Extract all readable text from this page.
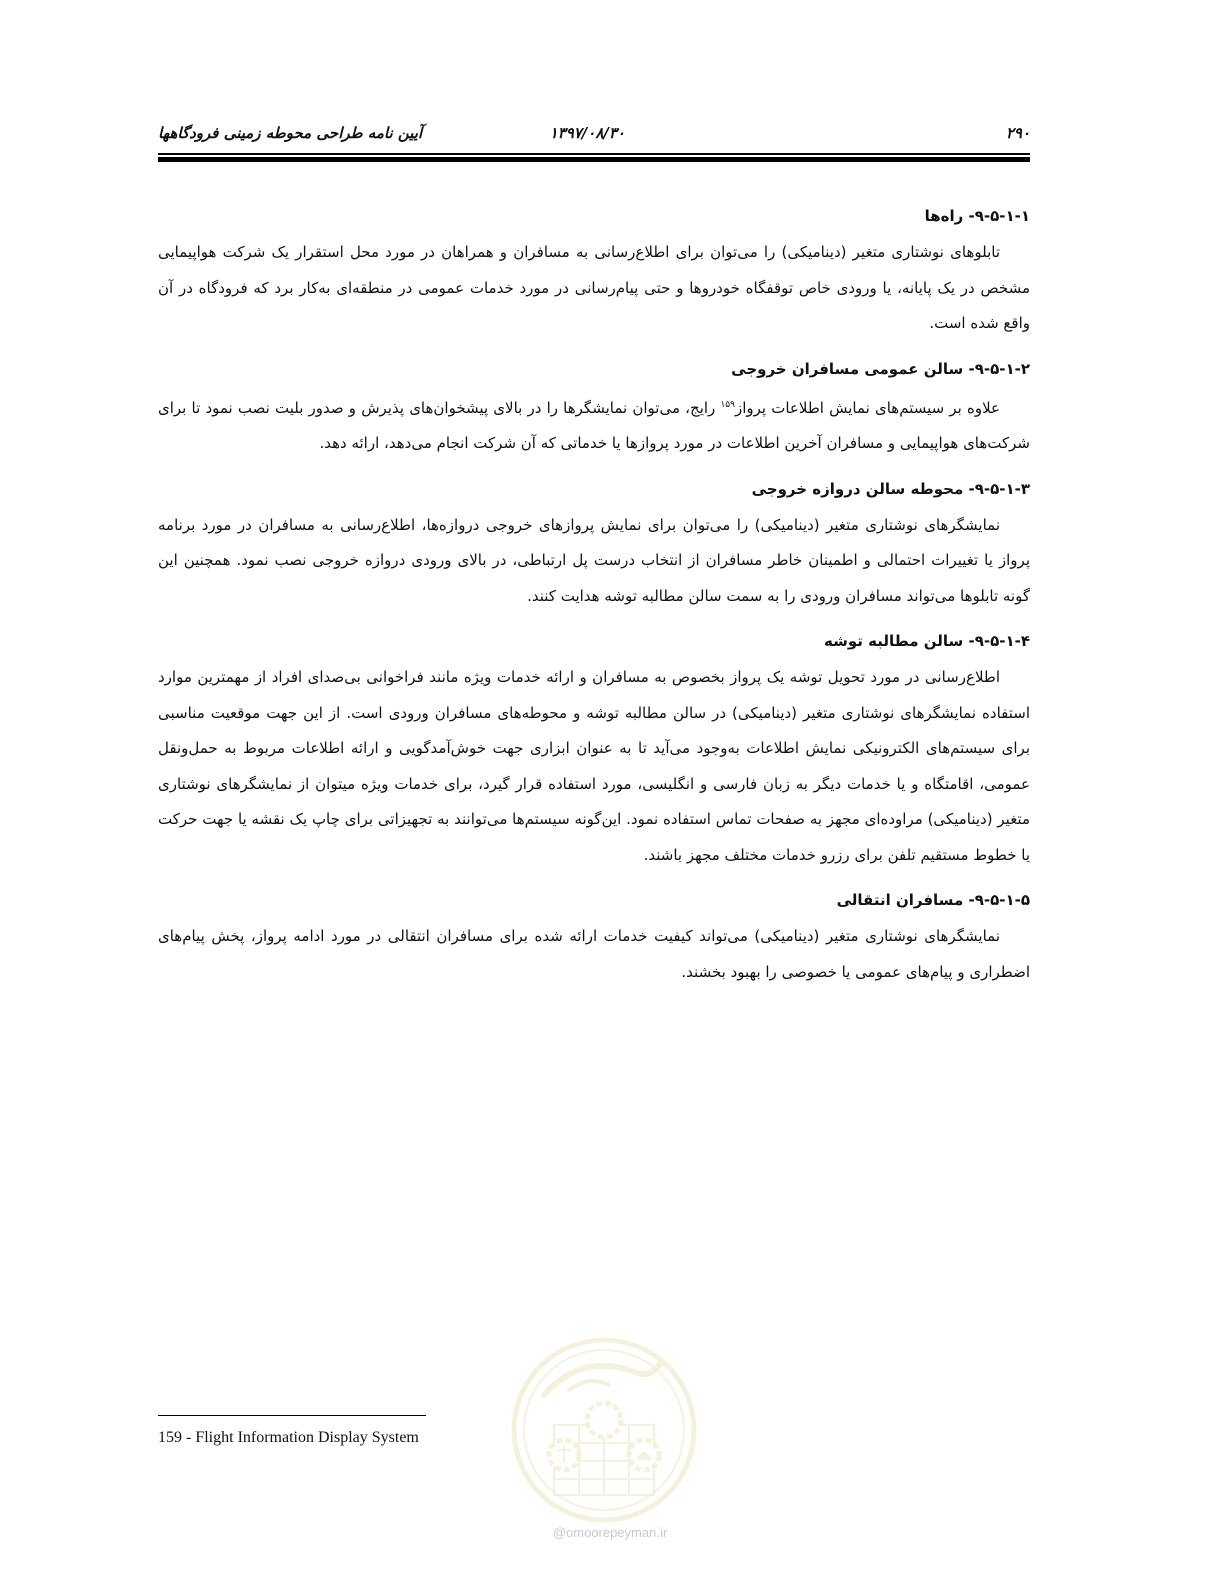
۲۹۰
۱۳۹۷/۰۸/۳۰
آیین نامه طراحی محوطه زمینی فرودگاهها
۹-۵-۱-۱- راه‌ها

تابلوهای نوشتاری متغیر (دینامیکی) را می‌توان برای اطلاع‌رسانی به مسافران و همراهان در مورد محل استقرار یک شرکت هواپیمایی مشخص در یک پایانه، یا ورودی خاص توقفگاه خودروها و حتی پیام‌رسانی در مورد خدمات عمومی در منطقه‌ای به‌کار برد که فرودگاه در آن واقع شده است.

۹-۵-۱-۲- سالن عمومی مسافران خروجی

علاوه بر سیستم‌های نمایش اطلاعات پرواز$^{۱۵۹}$ رایج، می‌توان نمایشگرها را در بالای پیشخوان‌های پذیرش و صدور بلیت نصب نمود تا برای شرکت‌های هواپیمایی و مسافران آخرین اطلاعات در مورد پروازها یا خدماتی که آن شرکت انجام می‌دهد، ارائه دهد.

۹-۵-۱-۳- محوطه سالن دروازه خروجی

نمایشگرهای نوشتاری متغیر (دینامیکی) را می‌توان برای نمایش پروازهای خروجی دروازه‌ها، اطلاع‌رسانی به مسافران در مورد برنامه پرواز یا تغییرات احتمالی و اطمینان خاطر مسافران از انتخاب درست پل ارتباطی، در بالای ورودی دروازه خروجی نصب نمود. همچنین این گونه تابلوها می‌تواند مسافران ورودی را به سمت سالن مطالبه توشه هدایت کنند.

۹-۵-۱-۴- سالن مطالبه توشه

اطلاع‌رسانی در مورد تحویل توشه یک پرواز بخصوص به مسافران و ارائه خدمات ویژه مانند فراخوانی بی‌صدای افراد از مهمترین موارد استفاده نمایشگرهای نوشتاری متغیر (دینامیکی) در سالن مطالبه توشه و محوطه‌های مسافران ورودی است. از این جهت موقعیت مناسبی برای سیستم‌های الکترونیکی نمایش اطلاعات به‌وجود می‌آید تا به عنوان ابزاری جهت خوش‌آمدگویی و ارائه اطلاعات مربوط به حمل‌ونقل عمومی، اقامتگاه و یا خدمات دیگر به زبان فارسی و انگلیسی، مورد استفاده قرار گیرد، برای خدمات ویژه میتوان از نمایشگرهای نوشتاری متغیر (دینامیکی) مراوده‌ای مجهز به صفحات تماس استفاده نمود. این‌گونه سیستم‌ها می‌توانند به تجهیزاتی برای چاپ یک نقشه یا جهت حرکت یا خطوط مستقیم تلفن برای رزرو خدمات مختلف مجهز باشند.

۹-۵-۱-۵- مسافران انتقالی

نمایشگرهای نوشتاری متغیر (دینامیکی) می‌تواند کیفیت خدمات ارائه شده برای مسافران انتقالی در مورد ادامه پرواز، پخش پیام‌های اضطراری و پیام‌های عمومی یا خصوصی را بهبود بخشند.

@omoorepeyman.ir
159 - Flight Information Display System
